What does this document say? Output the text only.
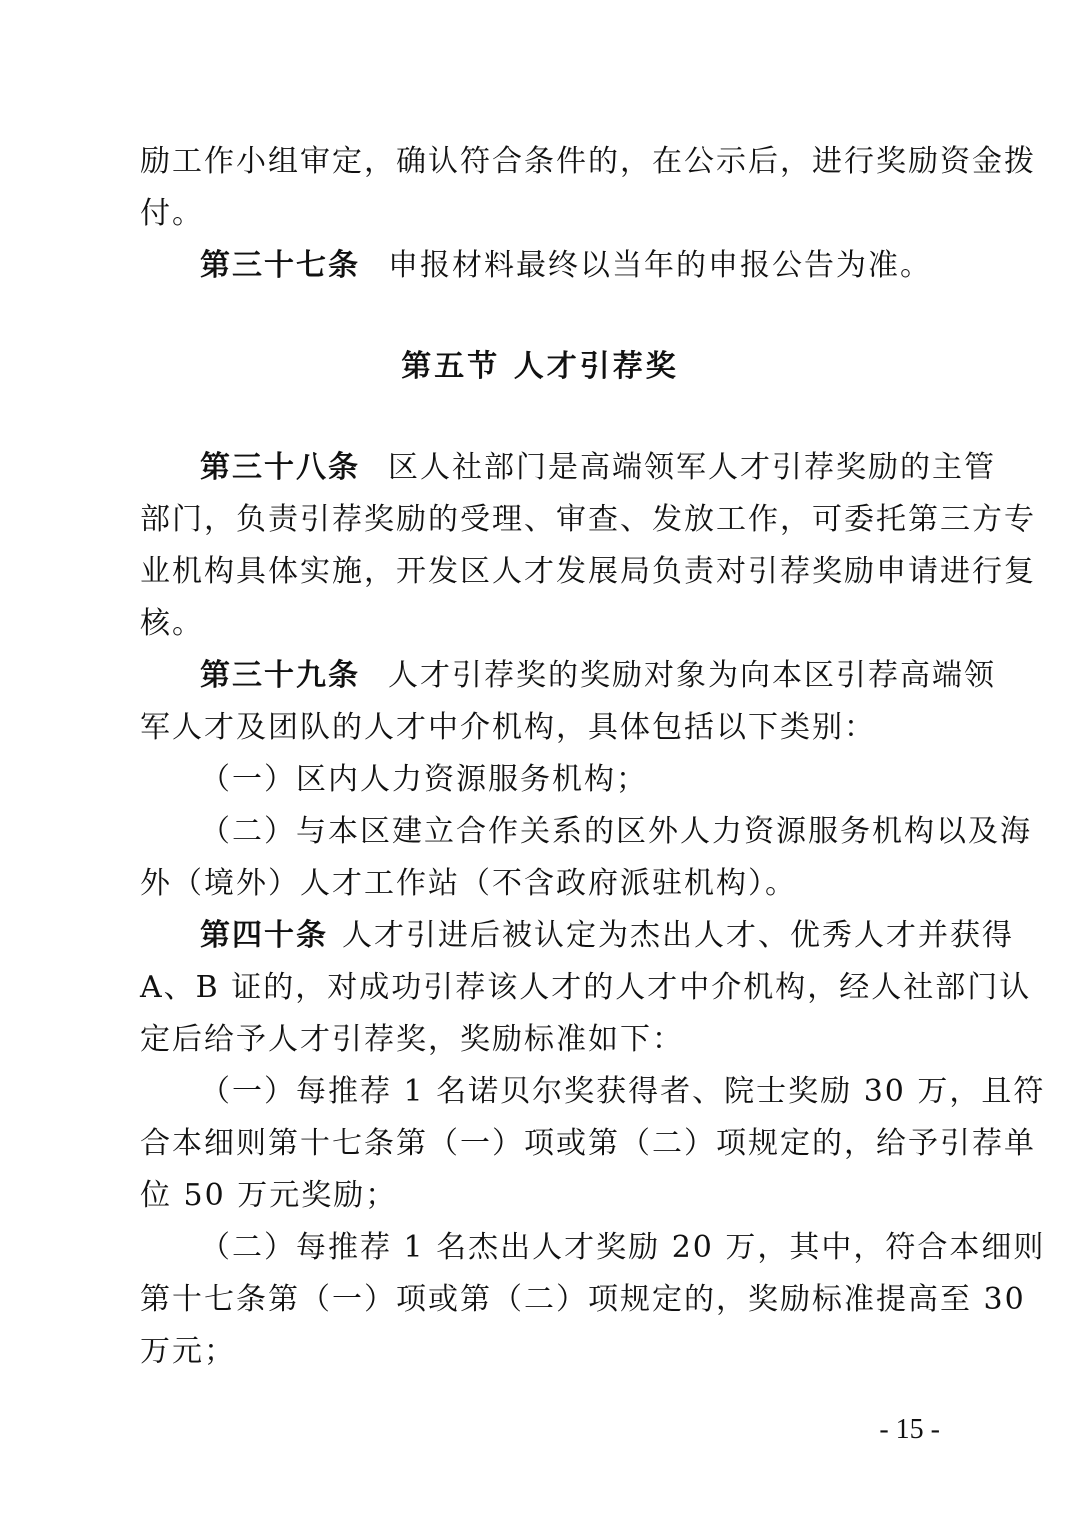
励工作小组审定，确认符合条件的，在公示后，进行奖励资金拨
付。
第三十七条 申报材料最终以当年的申报公告为准。
第五节 人才引荐奖
第三十八条 区人社部门是高端领军人才引荐奖励的主管
部门，负责引荐奖励的受理、审查、发放工作，可委托第三方专
业机构具体实施，开发区人才发展局负责对引荐奖励申请进行复
核。
第三十九条 人才引荐奖的奖励对象为向本区引荐高端领
军人才及团队的人才中介机构，具体包括以下类别：
（一）区内人力资源服务机构；
（二）与本区建立合作关系的区外人力资源服务机构以及海
外（境外）人才工作站（不含政府派驻机构）。
第四十条 人才引进后被认定为杰出人才、优秀人才并获得
A、B 证的，对成功引荐该人才的人才中介机构，经人社部门认
定后给予人才引荐奖，奖励标准如下：
（一）每推荐 1 名诺贝尔奖获得者、院士奖励 30 万，且符
合本细则第十七条第（一）项或第（二）项规定的，给予引荐单
位 50 万元奖励；
（二）每推荐 1 名杰出人才奖励 20 万，其中，符合本细则
第十七条第（一）项或第（二）项规定的，奖励标准提高至 30
万元；
- 15 -
